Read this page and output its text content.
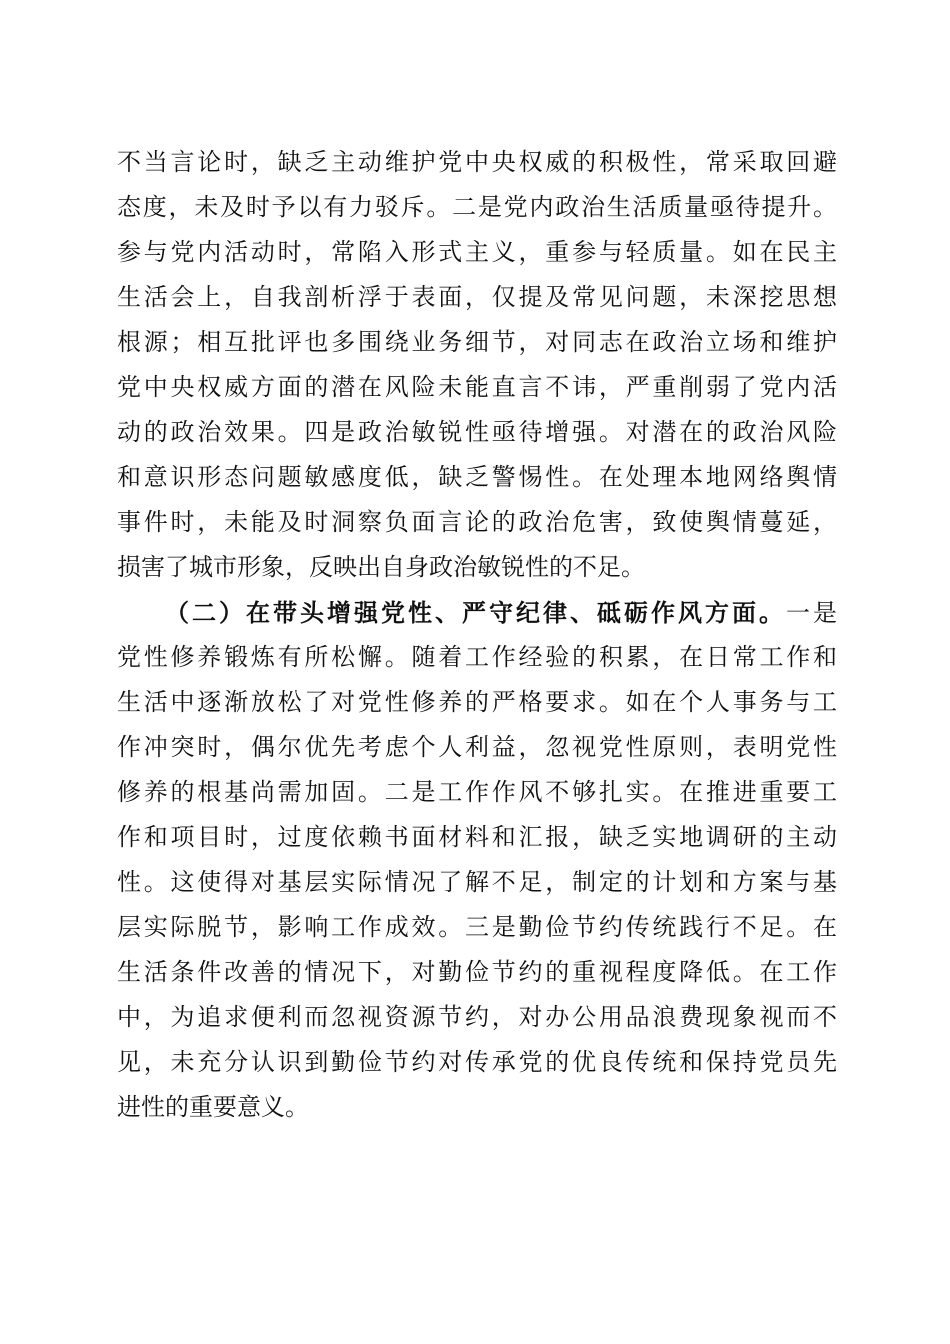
不当言论时，缺乏主动维护党中央权威的积极性，常采取回避
态度，未及时予以有力驳斥。二是党内政治生活质量亟待提升。
参与党内活动时，常陷入形式主义，重参与轻质量。如在民主
生活会上，自我剖析浮于表面，仅提及常见问题，未深挖思想
根源；相互批评也多围绕业务细节，对同志在政治立场和维护
党中央权威方面的潜在风险未能直言不讳，严重削弱了党内活
动的政治效果。四是政治敏锐性亟待增强。对潜在的政治风险
和意识形态问题敏感度低，缺乏警惕性。在处理本地网络舆情
事件时，未能及时洞察负面言论的政治危害，致使舆情蔓延，
损害了城市形象，反映出自身政治敏锐性的不足。
（二）在带头增强党性、严守纪律、砥砺作风方面。一是
党性修养锻炼有所松懈。随着工作经验的积累，在日常工作和
生活中逐渐放松了对党性修养的严格要求。如在个人事务与工
作冲突时，偶尔优先考虑个人利益，忽视党性原则，表明党性
修养的根基尚需加固。二是工作作风不够扎实。在推进重要工
作和项目时，过度依赖书面材料和汇报，缺乏实地调研的主动
性。这使得对基层实际情况了解不足，制定的计划和方案与基
层实际脱节，影响工作成效。三是勤俭节约传统践行不足。在
生活条件改善的情况下，对勤俭节约的重视程度降低。在工作
中，为追求便利而忽视资源节约，对办公用品浪费现象视而不
见，未充分认识到勤俭节约对传承党的优良传统和保持党员先
进性的重要意义。
